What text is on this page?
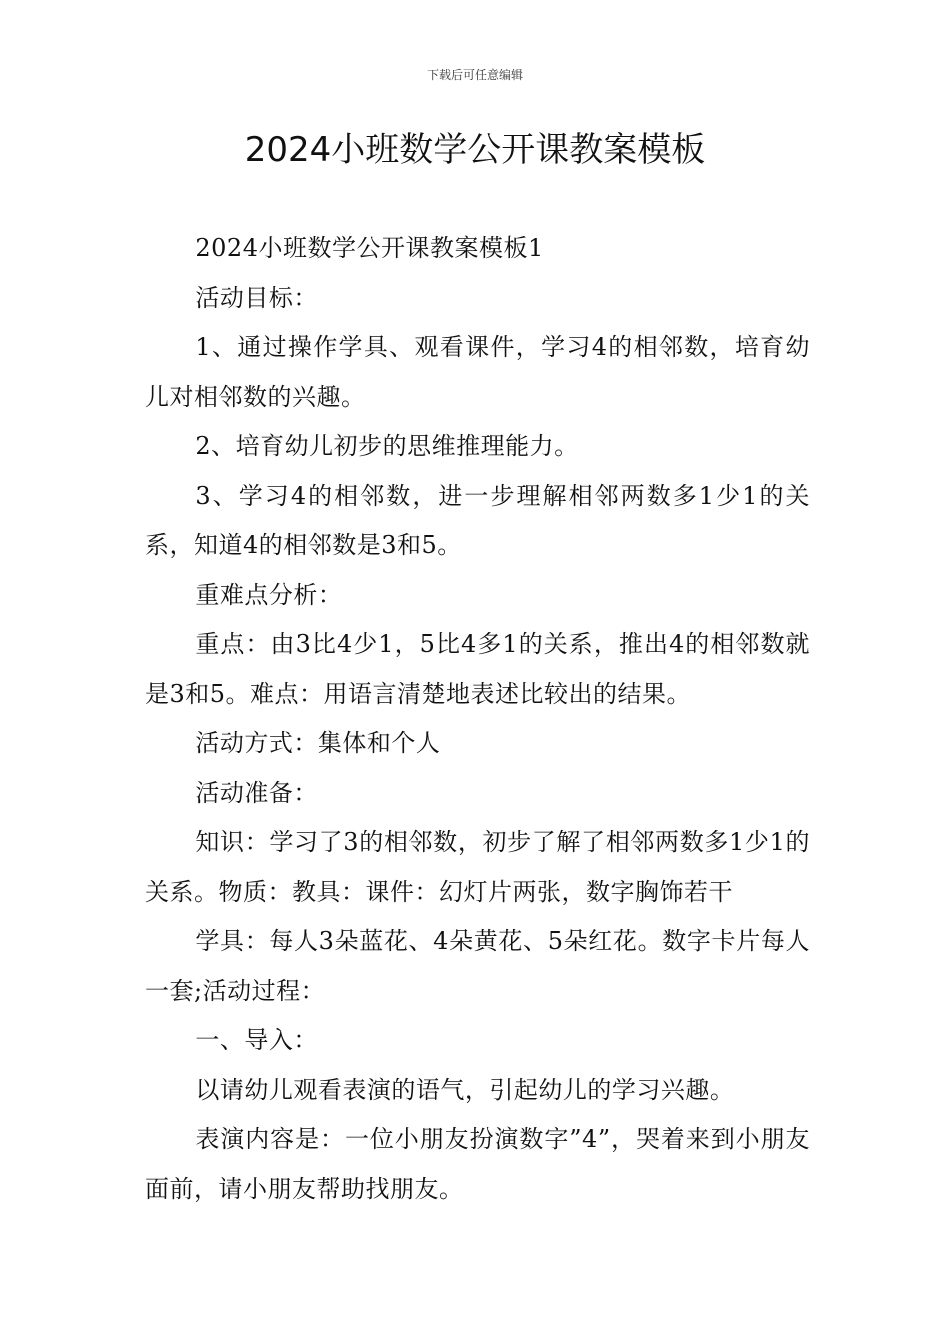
下载后可任意编辑
2024小班数学公开课教案模板

2024小班数学公开课教案模板1

活动目标：

1、通过操作学具、观看课件，学习4的相邻数，培育幼儿对相邻数的兴趣。

2、培育幼儿初步的思维推理能力。

3、学习4的相邻数，进一步理解相邻两数多1少1的关系，知道4的相邻数是3和5。

重难点分析：

重点：由3比4少1，5比4多1的关系，推出4的相邻数就是3和5。难点：用语言清楚地表述比较出的结果。

活动方式：集体和个人

活动准备：

知识：学习了3的相邻数，初步了解了相邻两数多1少1的关系。物质：教具：课件：幻灯片两张，数字胸饰若干

学具：每人3朵蓝花、4朵黄花、5朵红花。数字卡片每人一套;活动过程：

一、导入：

以请幼儿观看表演的语气，引起幼儿的学习兴趣。

表演内容是：一位小朋友扮演数字”4”，哭着来到小朋友面前，请小朋友帮助找朋友。
